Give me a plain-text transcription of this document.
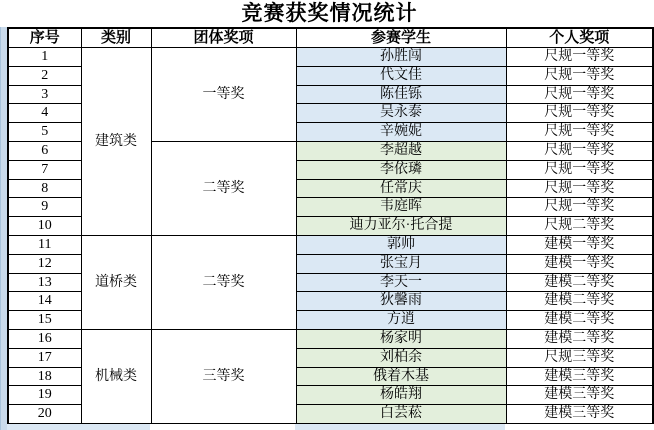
竞赛获奖情况统计
序号	类别	团体奖项	参赛学生	个人奖项
1	建筑类	一等奖	孙胜闯	尺规一等奖
2			代文佳	尺规一等奖
3			陈佳铄	尺规一等奖
4			吴永泰	尺规一等奖
5			辛婉妮	尺规一等奖
6		二等奖	李超越	尺规一等奖
7			李依璘	尺规一等奖
8			任常庆	尺规一等奖
9			韦庭晖	尺规一等奖
10			迪力亚尔·托合提	尺规二等奖
11	道桥类	二等奖	郭帅	建模一等奖
12			张宝月	建模一等奖
13			李天一	建模二等奖
14			狄馨雨	建模二等奖
15			方逍	建模二等奖
16	机械类	三等奖	杨家明	建模二等奖
17			刘柏余	尺规三等奖
18			俄着木基	建模三等奖
19			杨皓翔	建模三等奖
20			白芸菘	建模三等奖
